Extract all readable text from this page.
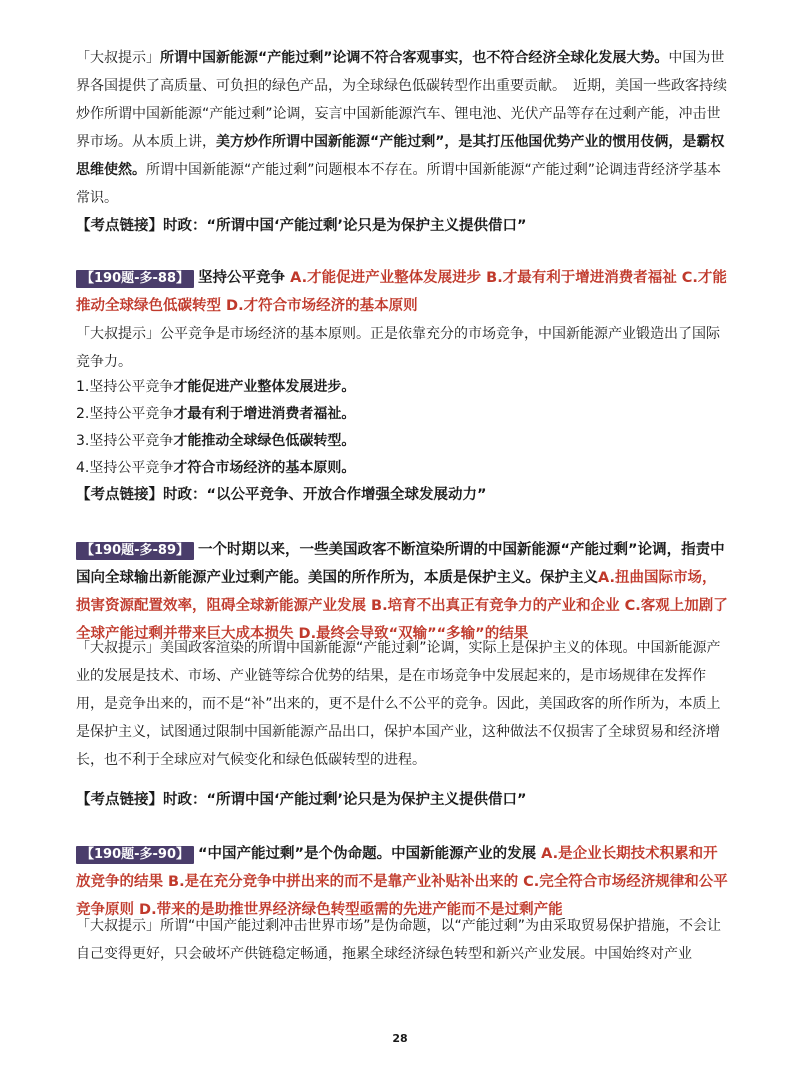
「大叔提示」所谓中国新能源“产能过剩”论调不符合客观事实，也不符合经济全球化发展大势。中国为世界各国提供了高质量、可负担的绿色产品，为全球绿色低碳转型作出重要贡献。　近期，美国一些政客持续炒作所谓中国新能源“产能过剩”论调，妄言中国新能源汽车、锂电池、光伏产品等存在过剩产能，冲击世界市场。从本质上讲，美方炒作所谓中国新能源“产能过剩”，是其打压他国优势产业的惯用伎俩，是霸权思维使然。所谓中国新能源“产能过剩”问题根本不存在。所谓中国新能源“产能过剩”论调违背经济学基本常识。

【考点链接】时政：“所谓中国‘产能过剩’论只是为保护主义提供借口”

【190题-多-88】 坚持公平竞争 A.才能促进产业整体发展进步 B.才最有利于增进消费者福祉 C.才能推动全球绿色低碳转型 D.才符合市场经济的基本原则

「大叔提示」公平竞争是市场经济的基本原则。正是依靠充分的市场竞争，中国新能源产业锻造出了国际竞争力。

1.坚持公平竞争才能促进产业整体发展进步。

2.坚持公平竞争才最有利于增进消费者福祉。

3.坚持公平竞争才能推动全球绿色低碳转型。

4.坚持公平竞争才符合市场经济的基本原则。

【考点链接】时政：“以公平竞争、开放合作增强全球发展动力”

【190题-多-89】 一个时期以来，一些美国政客不断渲染所谓的中国新能源“产能过剩”论调，指责中国向全球输出新能源产业过剩产能。美国的所作所为，本质是保护主义。保护主义A.扭曲国际市场，损害资源配置效率，阻碍全球新能源产业发展 B.培育不出真正有竞争力的产业和企业 C.客观上加剧了全球产能过剩并带来巨大成本损失 D.最终会导致“双输”“多输”的结果

「大叔提示」美国政客渲染的所谓中国新能源“产能过剩”论调，实际上是保护主义的体现。中国新能源产业的发展是技术、市场、产业链等综合优势的结果，是在市场竞争中发展起来的，是市场规律在发挥作用，是竞争出来的，而不是“补”出来的，更不是什么不公平的竞争。因此，美国政客的所作所为，本质上是保护主义，试图通过限制中国新能源产品出口，保护本国产业，这种做法不仅损害了全球贸易和经济增长，也不利于全球应对气候变化和绿色低碳转型的进程。

【考点链接】时政：“所谓中国‘产能过剩’论只是为保护主义提供借口”

【190题-多-90】 “中国产能过剩”是个伪命题。中国新能源产业的发展 A.是企业长期技术积累和开放竞争的结果 B.是在充分竞争中拼出来的而不是靠产业补贴补出来的 C.完全符合市场经济规律和公平竞争原则 D.带来的是助推世界经济绿色转型亟需的先进产能而不是过剩产能

「大叔提示」所谓“中国产能过剩冲击世界市场”是伪命题，以“产能过剩”为由采取贸易保护措施，不会让自己变得更好，只会破坏产供链稳定畅通，拖累全球经济绿色转型和新兴产业发展。中国始终对产业

28
